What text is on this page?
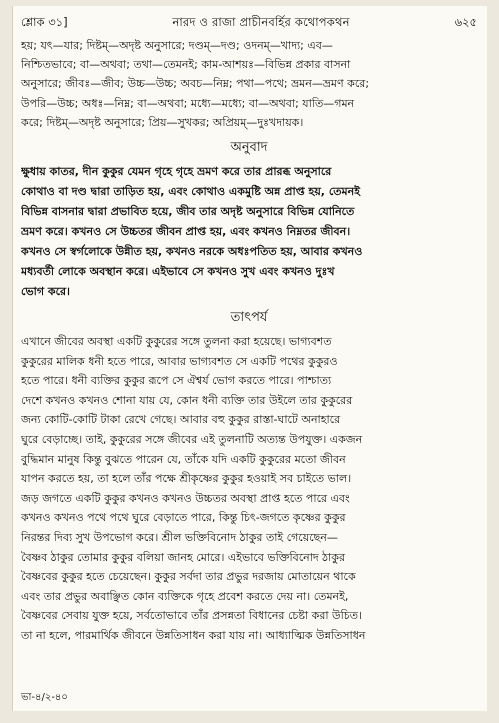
শ্লোক ৩১]	নারদ ও রাজা প্রাচীনবর্হির কথোপকথন	৬২৫
হয়; যৎ—যার; দিষ্টম্—অদৃষ্ট অনুসারে; দণ্ডম্—দণ্ড; ওদনম্—খাদ্য; এব—
নিশ্চিতভাবে; বা—অথবা; তথা—তেমনই; কাম-আশয়ঃ—বিভিন্ন প্রকার বাসনা
অনুসারে; জীবঃ—জীব; উচ্চ—উচ্চ; অবচ—নিম্ন; পথা—পথে; ভ্রমন—ভ্রমণ করে;
উপরি—উচ্চ; অধঃ—নিম্ন; বা—অথবা; মধ্যে—মধ্যে; বা—অথবা; যাতি—গমন
করে; দিষ্টম্—অদৃষ্ট অনুসারে; প্রিয়—সুখকর; অপ্রিয়ম্—দুঃখদায়ক।
অনুবাদ
ক্ষুধায় কাতর, দীন কুকুর যেমন গৃহে গৃহে ভ্রমণ করে তার প্রারব্ধ অনুসারে
কোথাও বা দণ্ড দ্বারা তাড়িত হয়, এবং কোথাও একমুষ্টি অন্ন প্রাপ্ত হয়, তেমনই
বিভিন্ন বাসনার দ্বারা প্রভাবিত হয়ে, জীব তার অদৃষ্ট অনুসারে বিভিন্ন যোনিতে
ভ্রমণ করে। কখনও সে উচ্চতর জীবন প্রাপ্ত হয়, এবং কখনও নিম্নতর জীবন।
কখনও সে স্বর্গলোকে উন্নীত হয়, কখনও নরকে অধঃপতিত হয়, আবার কখনও
মধ্যবর্তী লোকে অবস্থান করে। এইভাবে সে কখনও সুখ এবং কখনও দুঃখ
ভোগ করে।
তাৎপর্য
এখানে জীবের অবস্থা একটি কুকুরের সঙ্গে তুলনা করা হয়েছে। ভাগ্যবশত
কুকুরের মালিক ধনী হতে পারে, আবার ভাগ্যবশত সে একটি পথের কুকুরও
হতে পারে। ধনী ব্যক্তির কুকুর রূপে সে ঐশ্বর্য ভোগ করতে পারে। পাশ্চাত্য
দেশে কখনও কখনও শোনা যায় যে, কোন ধনী ব্যক্তি তার উইলে তার কুকুরের
জন্য কোটি-কোটি টাকা রেখে গেছে। আবার বহু কুকুর রাস্তা-ঘাটে অনাহারে
ঘুরে বেড়াচ্ছে। তাই, কুকুরের সঙ্গে জীবের এই তুলনাটি অত্যন্ত উপযুক্ত। একজন
বুদ্ধিমান মানুষ কিন্তু বুঝতে পারেন যে, তাঁকে যদি একটি কুকুরের মতো জীবন
যাপন করতে হয়, তা হলে তাঁর পক্ষে শ্রীকৃষ্ণের কুকুর হওয়াই সব চাইতে ভাল।
জড় জগতে একটি কুকুর কখনও কখনও উচ্চতর অবস্থা প্রাপ্ত হতে পারে এবং
কখনও কখনও পথে পথে ঘুরে বেড়াতে পারে, কিন্তু চিৎ-জগতে কৃষ্ণের কুকুর
নিরন্তর দিব্য সুখ উপভোগ করে। শ্রীল ভক্তিবিনোদ ঠাকুর তাই গেয়েছেন—
বৈষ্ণব ঠাকুর তোমার কুকুর বলিয়া জানহ মোরে। এইভাবে ভক্তিবিনোদ ঠাকুর
বৈষ্ণবের কুকুর হতে চেয়েছেন। কুকুর সর্বদা তার প্রভুর দরজায় মোতায়েন থাকে
এবং তার প্রভুর অবাঞ্ছিত কোন ব্যক্তিকে গৃহে প্রবেশ করতে দেয় না। তেমনই,
বৈষ্ণবের সেবায় যুক্ত হয়ে, সর্বতোভাবে তাঁর প্রসন্নতা বিধানের চেষ্টা করা উচিত।
তা না হলে, পারমার্থিক জীবনে উন্নতিসাধন করা যায় না। আধ্যাত্মিক উন্নতিসাধন
ভা-৪/২-৪০
